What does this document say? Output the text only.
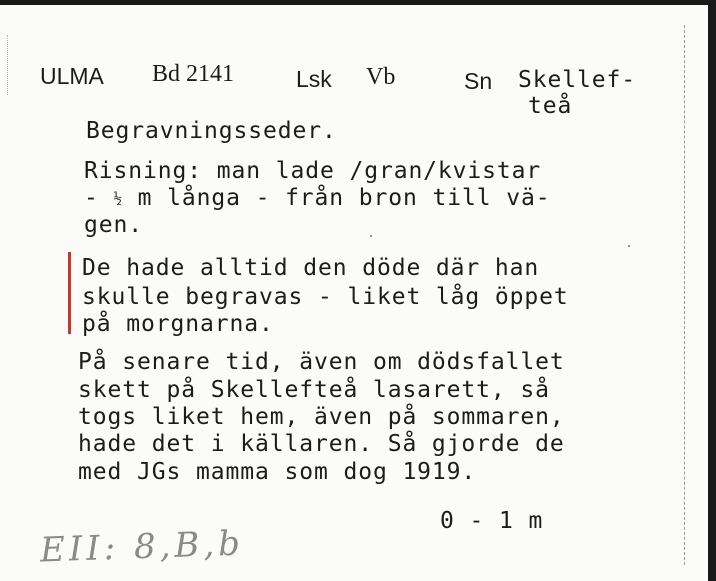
ULMA Bd 2141	Lsk Vb	Sn Skellef-
teå
Begravningsseder.
Risning: man lade /gran/kvistar
- ½ m långa - från bron till vä-
gen.
De hade alltid den döde där han
skulle begravas - liket låg öppet
på morgnarna.
På senare tid, även om dödsfallet
skett på Skellefteå lasarett, så
togs liket hem, även på sommaren,
hade det i källaren. Så gjorde de
med JGs mamma som dog 1919.
0 - 1 m
EII: 8,B,b
